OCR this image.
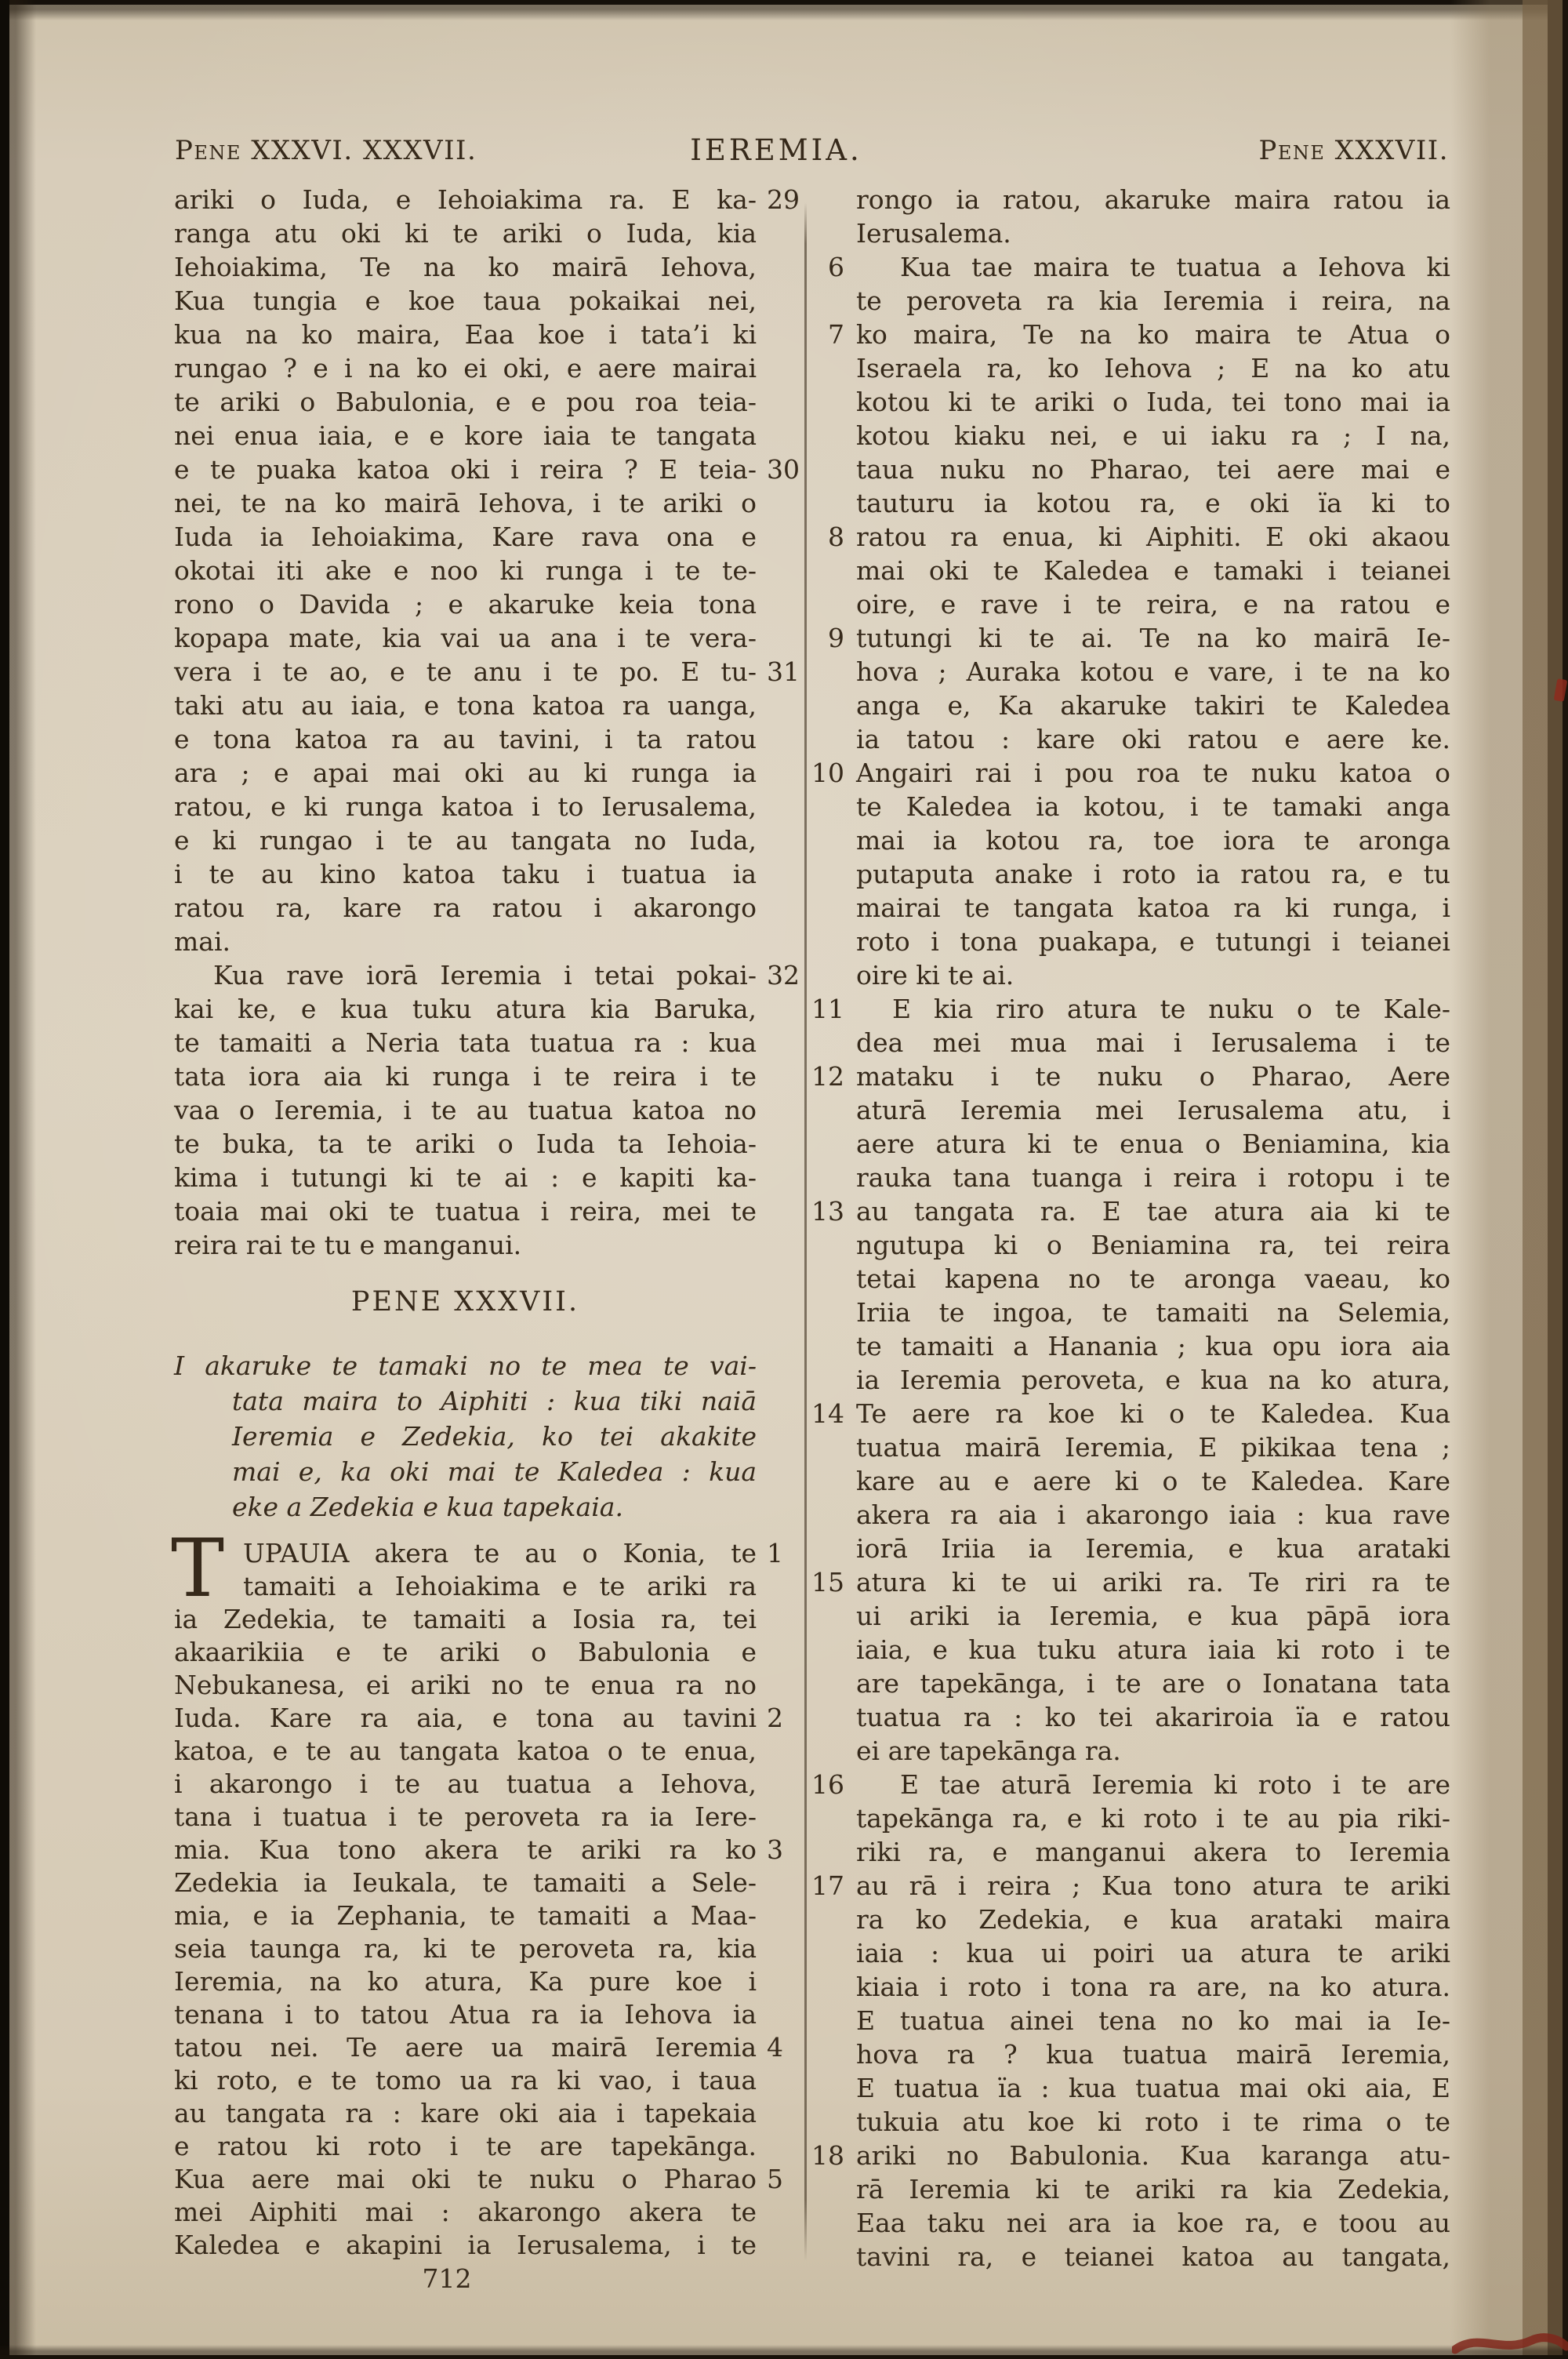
Pene XXXVI. XXXVII.	IEREMIA.	Pene XXXVII.
ariki o Iuda, e Iehoiakima ra. E ka- 29
ranga atu oki ki te ariki o Iuda, kia
Iehoiakima, Te na ko mairā Iehova,
Kua tungia e koe taua pokaikai nei,
kua na ko maira, Eaa koe i tata’i ki
rungao ? e i na ko ei oki, e aere mairai
te ariki o Babulonia, e e pou roa teia-
nei enua iaia, e e kore iaia te tangata
e te puaka katoa oki i reira ? E teia- 30
nei, te na ko mairā Iehova, i te ariki o
Iuda ia Iehoiakima, Kare rava ona e
okotai iti ake e noo ki runga i te te-
rono o Davida ; e akaruke keia tona
kopapa mate, kia vai ua ana i te vera-
vera i te ao, e te anu i te po. E tu- 31
taki atu au iaia, e tona katoa ra uanga,
e tona katoa ra au tavini, i ta ratou
ara ; e apai mai oki au ki runga ia
ratou, e ki runga katoa i to Ierusalema,
e ki rungao i te au tangata no Iuda,
i te au kino katoa taku i tuatua ia
ratou ra, kare ra ratou i akarongo
mai.
Kua rave iorā Ieremia i tetai pokai- 32
kai ke, e kua tuku atura kia Baruka,
te tamaiti a Neria tata tuatua ra : kua
tata iora aia ki runga i te reira i te
vaa o Ieremia, i te au tuatua katoa no
te buka, ta te ariki o Iuda ta Iehoia-
kima i tutungi ki te ai : e kapiti ka-
toaia mai oki te tuatua i reira, mei te
reira rai te tu e manganui.
PENE XXXVII.
I akaruke te tamaki no te mea te vai-
tata maira to Aiphiti : kua tiki naiā
Ieremia e Zedekia, ko tei akakite
mai e, ka oki mai te Kaledea : kua
eke a Zedekia e kua tapekaia.
T UPAUIA akera te au o Konia, te 1
tamaiti a Iehoiakima e te ariki ra
ia Zedekia, te tamaiti a Iosia ra, tei
akaarikiia e te ariki o Babulonia e
Nebukanesa, ei ariki no te enua ra no
Iuda. Kare ra aia, e tona au tavini 2
katoa, e te au tangata katoa o te enua,
i akarongo i te au tuatua a Iehova,
tana i tuatua i te peroveta ra ia Iere-
mia. Kua tono akera te ariki ra ko 3
Zedekia ia Ieukala, te tamaiti a Sele-
mia, e ia Zephania, te tamaiti a Maa-
seia taunga ra, ki te peroveta ra, kia
Ieremia, na ko atura, Ka pure koe i
tenana i to tatou Atua ra ia Iehova ia
tatou nei. Te aere ua mairā Ieremia 4
ki roto, e te tomo ua ra ki vao, i taua
au tangata ra : kare oki aia i tapekaia
e ratou ki roto i te are tapekānga.
Kua aere mai oki te nuku o Pharao 5
mei Aiphiti mai : akarongo akera te
Kaledea e akapini ia Ierusalema, i te
rongo ia ratou, akaruke maira ratou ia
Ierusalema.
Kua tae maira te tuatua a Iehova ki
6
te peroveta ra kia Ieremia i reira, na
ko maira, Te na ko maira te Atua o
7
Iseraela ra, ko Iehova ; E na ko atu
kotou ki te ariki o Iuda, tei tono mai ia
kotou kiaku nei, e ui iaku ra ; I na,
taua nuku no Pharao, tei aere mai e
tauturu ia kotou ra, e oki ïa ki to
ratou ra enua, ki Aiphiti. E oki akaou
8
mai oki te Kaledea e tamaki i teianei
oire, e rave i te reira, e na ratou e
tutungi ki te ai. Te na ko mairā Ie-
9
hova ; Auraka kotou e vare, i te na ko
anga e, Ka akaruke takiri te Kaledea
ia tatou : kare oki ratou e aere ke.
Angairi rai i pou roa te nuku katoa o
10
te Kaledea ia kotou, i te tamaki anga
mai ia kotou ra, toe iora te aronga
putaputa anake i roto ia ratou ra, e tu
mairai te tangata katoa ra ki runga, i
roto i tona puakapa, e tutungi i teianei
oire ki te ai.
E kia riro atura te nuku o te Kale-
11
dea mei mua mai i Ierusalema i te
mataku i te nuku o Pharao, Aere
12
aturā Ieremia mei Ierusalema atu, i
aere atura ki te enua o Beniamina, kia
rauka tana tuanga i reira i rotopu i te
au tangata ra. E tae atura aia ki te
13
ngutupa ki o Beniamina ra, tei reira
tetai kapena no te aronga vaeau, ko
Iriia te ingoa, te tamaiti na Selemia,
te tamaiti a Hanania ; kua opu iora aia
ia Ieremia peroveta, e kua na ko atura,
Te aere ra koe ki o te Kaledea. Kua
14
tuatua mairā Ieremia, E pikikaa tena ;
kare au e aere ki o te Kaledea. Kare
akera ra aia i akarongo iaia : kua rave
iorā Iriia ia Ieremia, e kua arataki
atura ki te ui ariki ra. Te riri ra te
15
ui ariki ia Ieremia, e kua pāpā iora
iaia, e kua tuku atura iaia ki roto i te
are tapekānga, i te are o Ionatana tata
tuatua ra : ko tei akariroia ïa e ratou
ei are tapekānga ra.
E tae aturā Ieremia ki roto i te are
16
tapekānga ra, e ki roto i te au pia riki-
riki ra, e manganui akera to Ieremia
au rā i reira ; Kua tono atura te ariki
17
ra ko Zedekia, e kua arataki maira
iaia : kua ui poiri ua atura te ariki
kiaia i roto i tona ra are, na ko atura.
E tuatua ainei tena no ko mai ia Ie-
hova ra ? kua tuatua mairā Ieremia,
E tuatua ïa : kua tuatua mai oki aia, E
tukuia atu koe ki roto i te rima o te
ariki no Babulonia. Kua karanga atu-
18
rā Ieremia ki te ariki ra kia Zedekia,
Eaa taku nei ara ia koe ra, e toou au
tavini ra, e teianei katoa au tangata,
712
